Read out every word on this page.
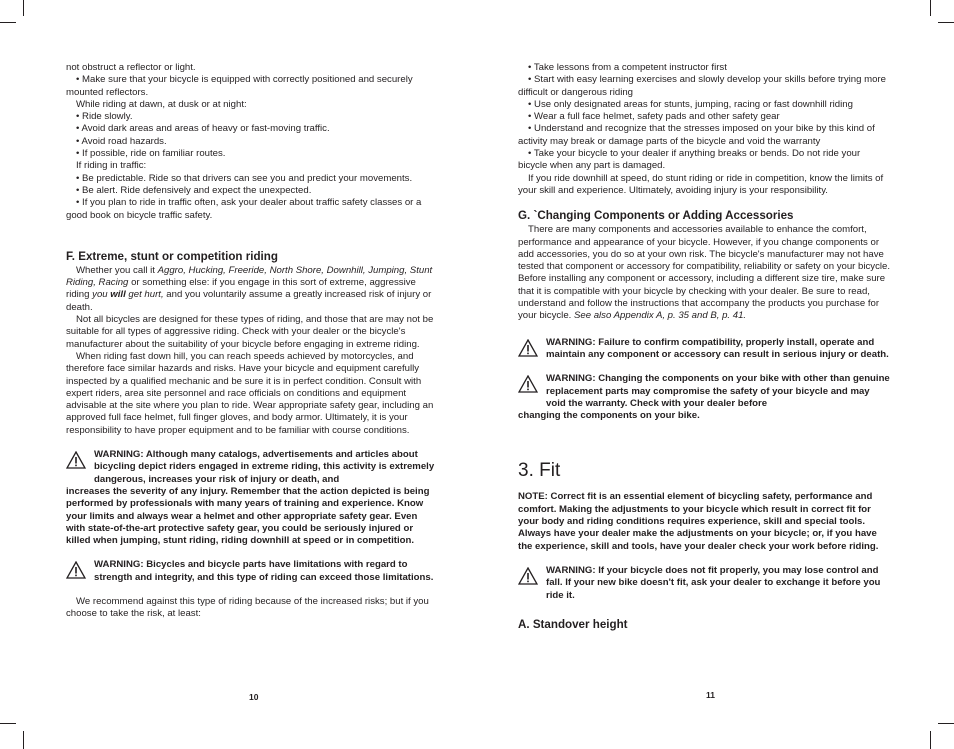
not obstruct a reflector or light.

• Make sure that your bicycle is equipped with correctly positioned and securely mounted reflectors.

While riding at dawn, at dusk or at night:

• Ride slowly.

• Avoid dark areas and areas of heavy or fast-moving traffic.

• Avoid road hazards.

• If possible, ride on familiar routes.

If riding in traffic:

• Be predictable. Ride so that drivers can see you and predict your movements.

• Be alert. Ride defensively and expect the unexpected.

• If you plan to ride in traffic often, ask your dealer about traffic safety classes or a good book on bicycle traffic safety.

F. Extreme, stunt or competition riding

Whether you call it Aggro, Hucking, Freeride, North Shore, Downhill, Jumping, Stunt Riding, Racing or something else: if you engage in this sort of extreme, aggressive riding you will get hurt, and you voluntarily assume a greatly increased risk of injury or death.

Not all bicycles are designed for these types of riding, and those that are may not be suitable for all types of aggressive riding. Check with your dealer or the bicycle's manufacturer about the suitability of your bicycle before engaging in extreme riding.

When riding fast down hill, you can reach speeds achieved by motorcycles, and therefore face similar hazards and risks. Have your bicycle and equipment carefully inspected by a qualified mechanic and be sure it is in perfect condition. Consult with expert riders, area site personnel and race officials on conditions and equipment advisable at the site where you plan to ride. Wear appropriate safety gear, including an approved full face helmet, full finger gloves, and body armor. Ultimately, it is your responsibility to have proper equipment and to be familiar with course conditions.

WARNING: Although many catalogs, advertisements and articles about bicycling depict riders engaged in extreme riding, this activity is extremely dangerous, increases your risk of injury or death, and

increases the severity of any injury. Remember that the action depicted is being performed by professionals with many years of training and experience. Know your limits and always wear a helmet and other appropriate safety gear. Even with state-of-the-art protective safety gear, you could be seriously injured or killed when jumping, stunt riding, riding downhill at speed or in competition.

WARNING: Bicycles and bicycle parts have limitations with regard to strength and integrity, and this type of riding can exceed those limitations.

We recommend against this type of riding because of the increased risks; but if you choose to take the risk, at least:

10

• Take lessons from a competent instructor first

• Start with easy learning exercises and slowly develop your skills before trying more difficult or dangerous riding

• Use only designated areas for stunts, jumping, racing or fast downhill riding

• Wear a full face helmet, safety pads and other safety gear

• Understand and recognize that the stresses imposed on your bike by this kind of activity may break or damage parts of the bicycle and void the warranty

• Take your bicycle to your dealer if anything breaks or bends. Do not ride your bicycle when any part is damaged.

If you ride downhill at speed, do stunt riding or ride in competition, know the limits of your skill and experience. Ultimately, avoiding injury is your responsibility.

G. `Changing Components or Adding Accessories

There are many components and accessories available to enhance the comfort, performance and appearance of your bicycle. However, if you change components or add accessories, you do so at your own risk. The bicycle's manufacturer may not have tested that component or accessory for compatibility, reliability or safety on your bicycle. Before installing any component or accessory, including a different size tire, make sure that it is compatible with your bicycle by checking with your dealer. Be sure to read, understand and follow the instructions that accompany the products you purchase for your bicycle. See also Appendix A, p. 35 and B, p. 41.

WARNING: Failure to confirm compatibility, properly install, operate and maintain any component or accessory can result in serious injury or death.

WARNING: Changing the components on your bike with other than genuine replacement parts may compromise the safety of your bicycle and may void the warranty. Check with your dealer before

changing the components on your bike.

3. Fit

NOTE: Correct fit is an essential element of bicycling safety, performance and comfort. Making the adjustments to your bicycle which result in correct fit for your body and riding conditions requires experience, skill and special tools. Always have your dealer make the adjustments on your bicycle; or, if you have the experience, skill and tools, have your dealer check your work before riding.

WARNING: If your bicycle does not fit properly, you may lose control and fall. If your new bike doesn't fit, ask your dealer to exchange it before you ride it.

A. Standover height

11
